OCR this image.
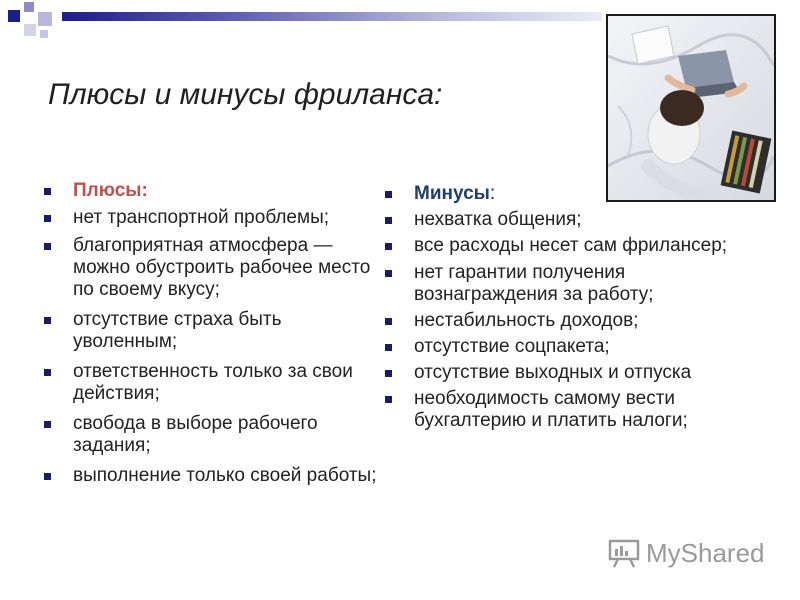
Плюсы и минусы фриланса:
Плюсы:
нет транспортной проблемы;
благоприятная атмосфера — можно обустроить рабочее место по своему вкусу;
отсутствие страха быть уволенным;
ответственность только за свои действия;
свобода в выборе рабочего задания;
выполнение только своей работы;
Минусы:
нехватка общения;
все расходы несет сам фрилансер;
нет гарантии получения вознаграждения за работу;
нестабильность доходов;
отсутствие соцпакета;
отсутствие выходных и отпуска
необходимость самому вести бухгалтерию и платить налоги;
MyShared
